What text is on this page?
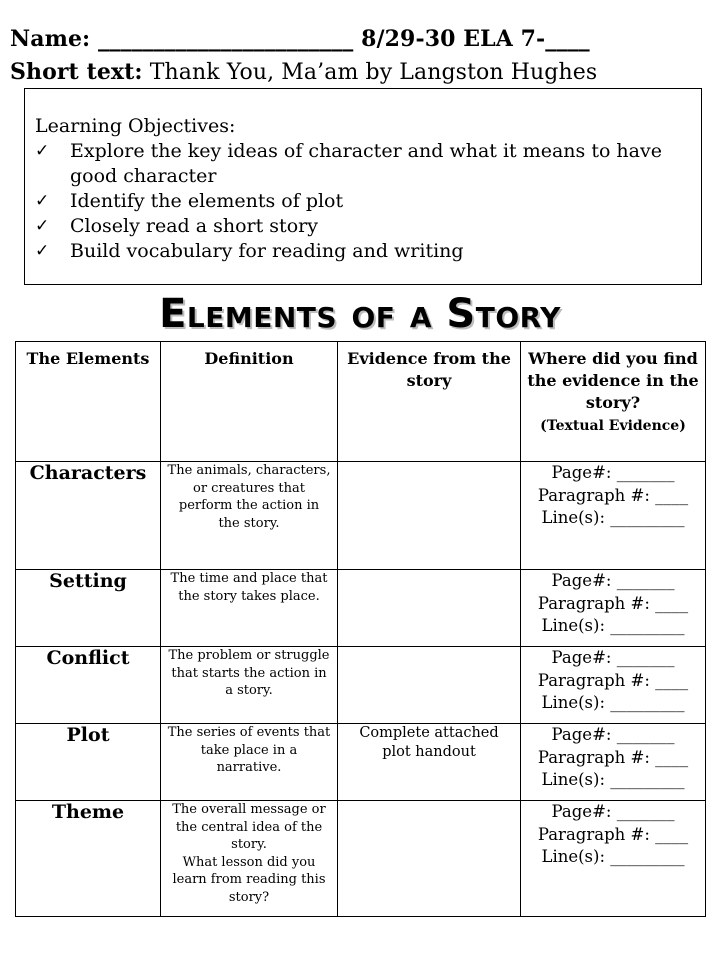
Name: _______________________ 8/29-30 ELA 7-____
Short text: Thank You, Ma’am by Langston Hughes
Learning Objectives:
✓ Explore the key ideas of character and what it means to have good character
✓ Identify the elements of plot
✓ Closely read a short story
✓ Build vocabulary for reading and writing
Elements of a Story
The Elements	Definition	Evidence from the story	Where did you find the evidence in the story?
(Textual Evidence)
Characters	The animals, characters, or creatures that perform the action in the story.		Page#: _______
Paragraph #: ____
Line(s): _________

Setting	The time and place that the story takes place.		Page#: _______
Paragraph #: ____
Line(s): _________

Conflict	The problem or struggle that starts the action in a story.		Page#: _______
Paragraph #: ____
Line(s): _________

Plot	The series of events that take place in a narrative.	Complete attached plot handout	Page#: _______
Paragraph #: ____
Line(s): _________

Theme	The overall message or the central idea of the story.
What lesson did you learn from reading this story?		Page#: _______
Paragraph #: ____
Line(s): _________
